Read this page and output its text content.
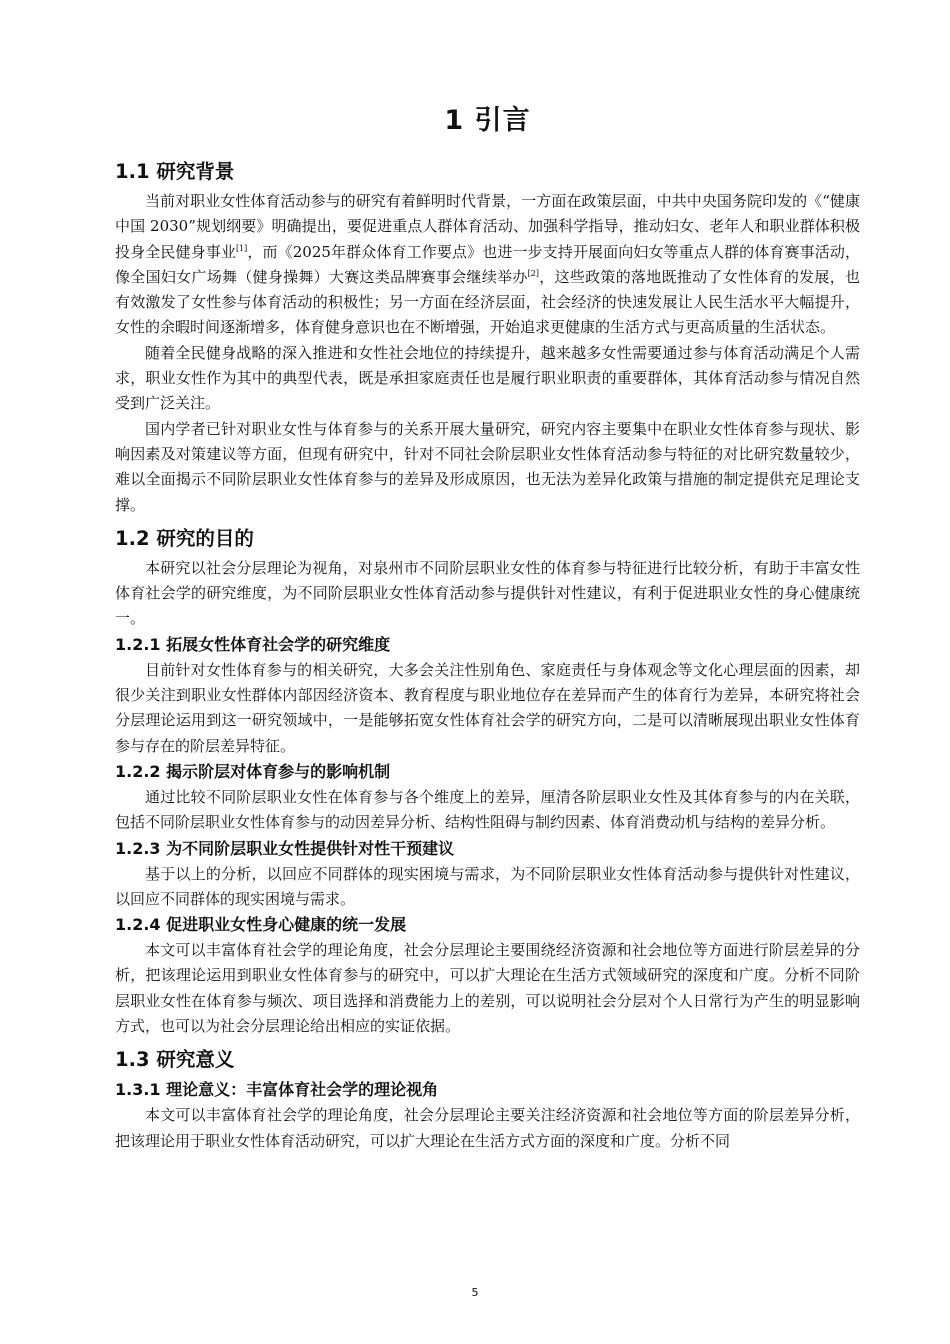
1 引言
1.1 研究背景

当前对职业女性体育活动参与的研究有着鲜明时代背景，一方面在政策层面，中共中央国务院印发的《“健康中国 2030”规划纲要》明确提出，要促进重点人群体育活动、加强科学指导，推动妇女、老年人和职业群体积极投身全民健身事业[1]，而《2025年群众体育工作要点》也进一步支持开展面向妇女等重点人群的体育赛事活动，像全国妇女广场舞（健身操舞）大赛这类品牌赛事会继续举办[2]，这些政策的落地既推动了女性体育的发展，也有效激发了女性参与体育活动的积极性；另一方面在经济层面，社会经济的快速发展让人民生活水平大幅提升，女性的余暇时间逐渐增多，体育健身意识也在不断增强，开始追求更健康的生活方式与更高质量的生活状态。

随着全民健身战略的深入推进和女性社会地位的持续提升，越来越多女性需要通过参与体育活动满足个人需求，职业女性作为其中的典型代表，既是承担家庭责任也是履行职业职责的重要群体，其体育活动参与情况自然受到广泛关注。

国内学者已针对职业女性与体育参与的关系开展大量研究，研究内容主要集中在职业女性体育参与现状、影响因素及对策建议等方面，但现有研究中，针对不同社会阶层职业女性体育活动参与特征的对比研究数量较少，难以全面揭示不同阶层职业女性体育参与的差异及形成原因，也无法为差异化政策与措施的制定提供充足理论支撑。

1.2 研究的目的

本研究以社会分层理论为视角，对泉州市不同阶层职业女性的体育参与特征进行比较分析，有助于丰富女性体育社会学的研究维度，为不同阶层职业女性体育活动参与提供针对性建议，有利于促进职业女性的身心健康统一。

1.2.1 拓展女性体育社会学的研究维度

目前针对女性体育参与的相关研究，大多会关注性别角色、家庭责任与身体观念等文化心理层面的因素，却很少关注到职业女性群体内部因经济资本、教育程度与职业地位存在差异而产生的体育行为差异，本研究将社会分层理论运用到这一研究领域中，一是能够拓宽女性体育社会学的研究方向，二是可以清晰展现出职业女性体育参与存在的阶层差异特征。

1.2.2 揭示阶层对体育参与的影响机制

通过比较不同阶层职业女性在体育参与各个维度上的差异，厘清各阶层职业女性及其体育参与的内在关联，包括不同阶层职业女性体育参与的动因差异分析、结构性阻碍与制约因素、体育消费动机与结构的差异分析。

1.2.3 为不同阶层职业女性提供针对性干预建议

基于以上的分析，以回应不同群体的现实困境与需求，为不同阶层职业女性体育活动参与提供针对性建议，以回应不同群体的现实困境与需求。

1.2.4 促进职业女性身心健康的统一发展

本文可以丰富体育社会学的理论角度，社会分层理论主要围绕经济资源和社会地位等方面进行阶层差异的分析，把该理论运用到职业女性体育参与的研究中，可以扩大理论在生活方式领域研究的深度和广度。分析不同阶层职业女性在体育参与频次、项目选择和消费能力上的差别，可以说明社会分层对个人日常行为产生的明显影响方式，也可以为社会分层理论给出相应的实证依据。

1.3 研究意义
1.3.1 理论意义：丰富体育社会学的理论视角

本文可以丰富体育社会学的理论角度，社会分层理论主要关注经济资源和社会地位等方面的阶层差异分析，把该理论用于职业女性体育活动研究，可以扩大理论在生活方式方面的深度和广度。分析不同

5
